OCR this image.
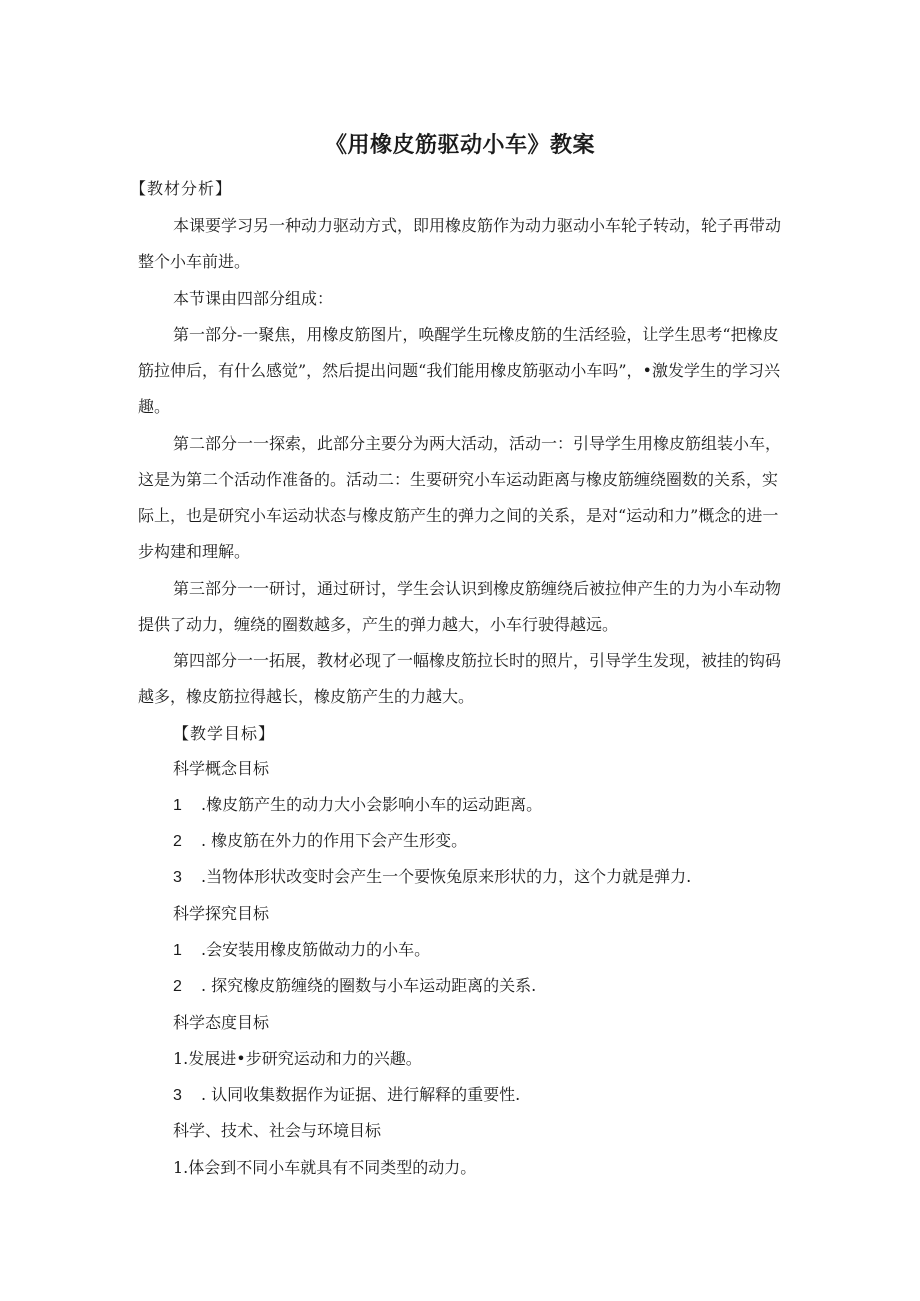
《用橡皮筋驱动小车》教案
【教材分析】
本课要学习另一种动力驱动方式，即用橡皮筋作为动力驱动小车轮子转动，轮子再带动整个小车前进。
本节课由四部分组成：
第一部分-一聚焦，用橡皮筋图片，唤醒学生玩橡皮筋的生活经验，让学生思考“把橡皮筋拉伸后，有什么感觉”，然后提出问题“我们能用橡皮筋驱动小车吗”，•激发学生的学习兴趣。
第二部分一一探索，此部分主要分为两大活动，活动一：引导学生用橡皮筋组装小车，这是为第二个活动作准备的。活动二：生要研究小车运动距离与橡皮筋缠绕圈数的关系，实际上，也是研究小车运动状态与橡皮筋产生的弹力之间的关系，是对“运动和力”概念的进一步构建和理解。
第三部分一一研讨，通过研讨，学生会认识到橡皮筋缠绕后被拉伸产生的力为小车动物提供了动力，缠绕的圈数越多，产生的弹力越大，小车行驶得越远。
第四部分一一拓展，教材必现了一幅橡皮筋拉长时的照片，引导学生发现，被挂的钩码越多，橡皮筋拉得越长，橡皮筋产生的力越大。
【教学目标】
科学概念目标
1 .橡皮筋产生的动力大小会影响小车的运动距离。
2 . 橡皮筋在外力的作用下会产生形变。
3 .当物体形状改变时会产生一个要恢兔原来形状的力，这个力就是弹力.
科学探究目标
1 .会安装用橡皮筋做动力的小车。
2 . 探究橡皮筋缠绕的圈数与小车运动距离的关系.
科学态度目标
1.发展进•步研究运动和力的兴趣。
3 . 认同收集数据作为证据、进行解释的重要性.
科学、技术、社会与环境目标
1.体会到不同小车就具有不同类型的动力。
